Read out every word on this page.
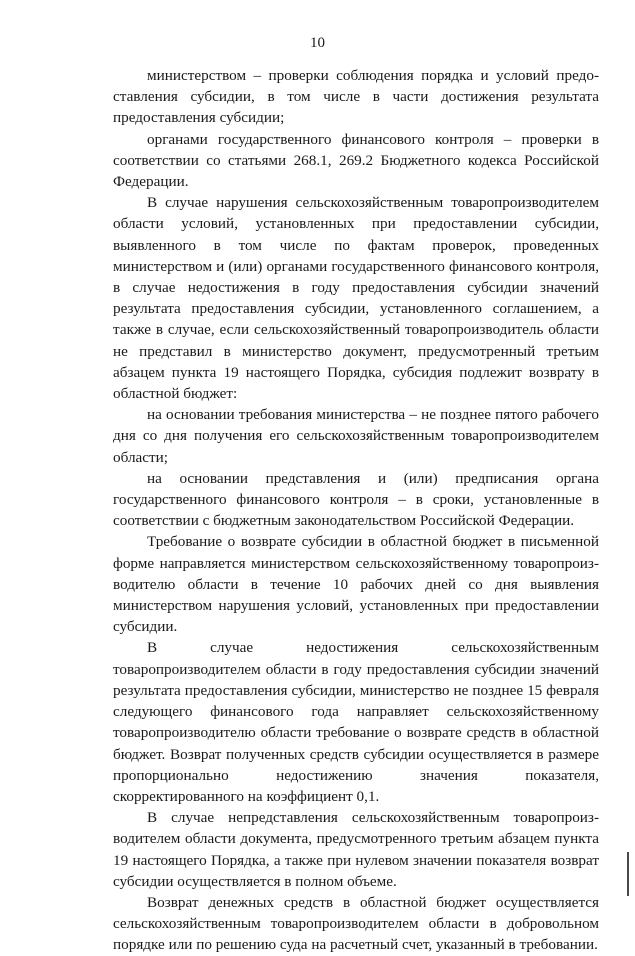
10

министерством – проверки соблюдения порядка и условий предоставления субсидии, в том числе в части достижения результата предоставления субсидии;

органами государственного финансового контроля – проверки в соответствии со статьями 268.1, 269.2 Бюджетного кодекса Российской Федерации.

В случае нарушения сельскохозяйственным товаропроизводителем области условий, установленных при предоставлении субсидии, выявленного в том числе по фактам проверок, проведенных министерством и (или) органами государственного финансового контроля, в случае недостижения в году предоставления субсидии значений результата предоставления субсидии, установленного соглашением, а также в случае, если сельскохозяйственный товаропроизводитель области не представил в министерство документ, предусмотренный третьим абзацем пункта 19 настоящего Порядка, субсидия подлежит возврату в областной бюджет:

на основании требования министерства – не позднее пятого рабочего дня со дня получения его сельскохозяйственным товаропроизводителем области;

на основании представления и (или) предписания органа государственного финансового контроля – в сроки, установленные в соответствии с бюджетным законодательством Российской Федерации.

Требование о возврате субсидии в областной бюджет в письменной форме направляется министерством сельскохозяйственному товаропроизводителю области в течение 10 рабочих дней со дня выявления министерством нарушения условий, установленных при предоставлении субсидии.

В случае недостижения сельскохозяйственным товаропроизводителем области в году предоставления субсидии значений результата предоставления субсидии, министерство не позднее 15 февраля следующего финансового года направляет сельскохозяйственному товаропроизводителю области требование о возврате средств в областной бюджет. Возврат полученных средств субсидии осуществляется в размере пропорционально недостижению значения показателя, скорректированного на коэффициент 0,1.

В случае непредставления сельскохозяйственным товаропроизводителем области документа, предусмотренного третьим абзацем пункта 19 настоящего Порядка, а также при нулевом значении показателя возврат субсидии осуществляется в полном объеме.

Возврат денежных средств в областной бюджет осуществляется сельскохозяйственным товаропроизводителем области в добровольном порядке или по решению суда на расчетный счет, указанный в требовании.
